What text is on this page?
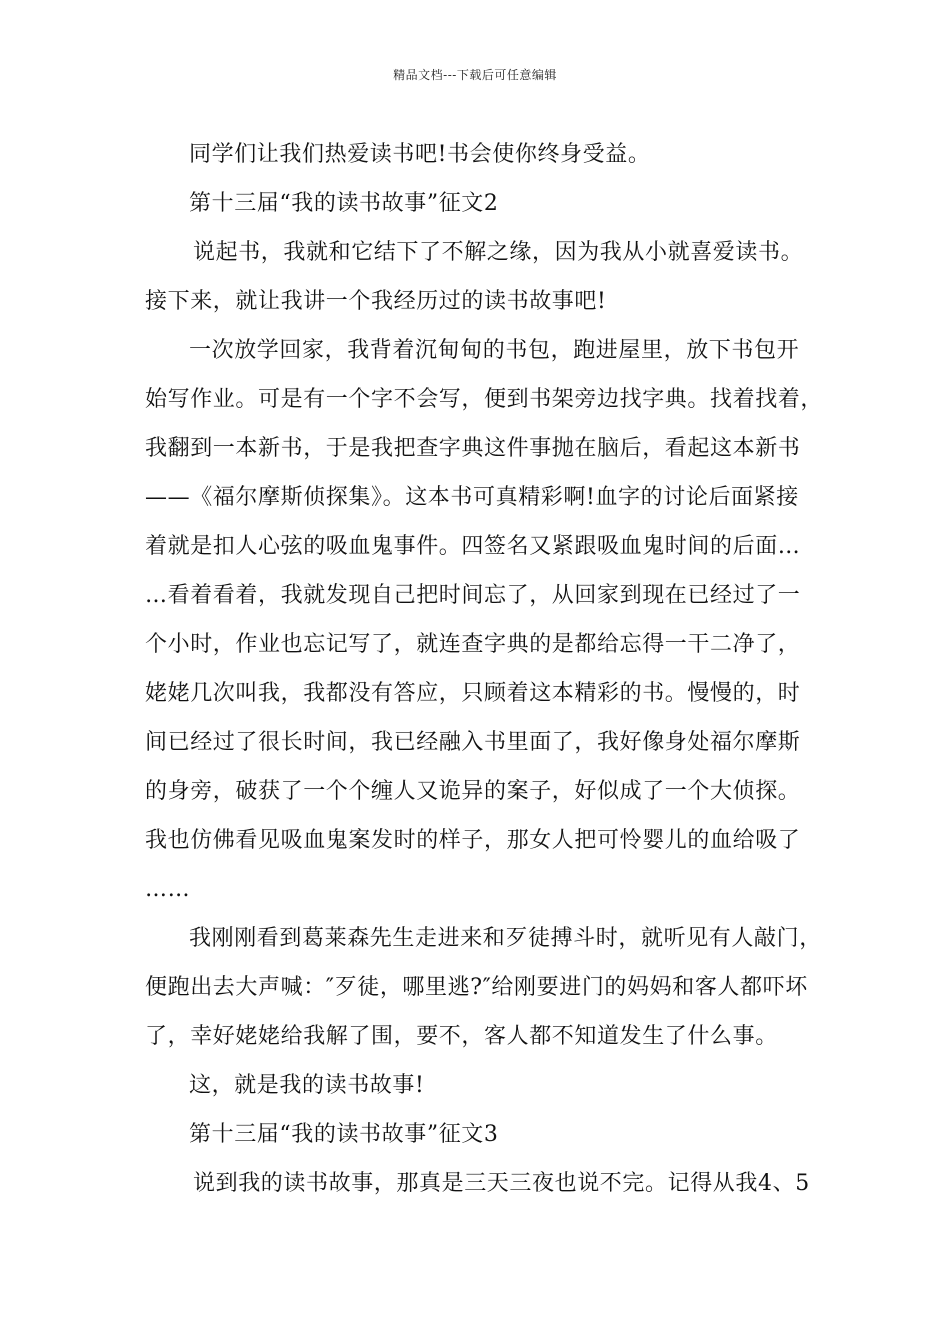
精品文档---下载后可任意编辑
同学们让我们热爱读书吧!书会使你终身受益。
第十三届“我的读书故事”征文2
说起书，我就和它结下了不解之缘，因为我从小就喜爱读书。
接下来，就让我讲一个我经历过的读书故事吧!
一次放学回家，我背着沉甸甸的书包，跑进屋里，放下书包开
始写作业。可是有一个字不会写，便到书架旁边找字典。找着找着，
我翻到一本新书，于是我把查字典这件事抛在脑后，看起这本新书
——《福尔摩斯侦探集》。这本书可真精彩啊!血字的讨论后面紧接
着就是扣人心弦的吸血鬼事件。四签名又紧跟吸血鬼时间的后面…
…看着看着，我就发现自己把时间忘了，从回家到现在已经过了一
个小时，作业也忘记写了，就连查字典的是都给忘得一干二净了，
姥姥几次叫我，我都没有答应，只顾着这本精彩的书。慢慢的，时
间已经过了很长时间，我已经融入书里面了，我好像身处福尔摩斯
的身旁，破获了一个个缠人又诡异的案子，好似成了一个大侦探。
我也仿佛看见吸血鬼案发时的样子，那女人把可怜婴儿的血给吸了
……
我刚刚看到葛莱森先生走进来和歹徒搏斗时，就听见有人敲门，
便跑出去大声喊：″歹徒，哪里逃?″给刚要进门的妈妈和客人都吓坏
了，幸好姥姥给我解了围，要不，客人都不知道发生了什么事。
这，就是我的读书故事!
第十三届“我的读书故事”征文3
说到我的读书故事，那真是三天三夜也说不完。记得从我4、5
